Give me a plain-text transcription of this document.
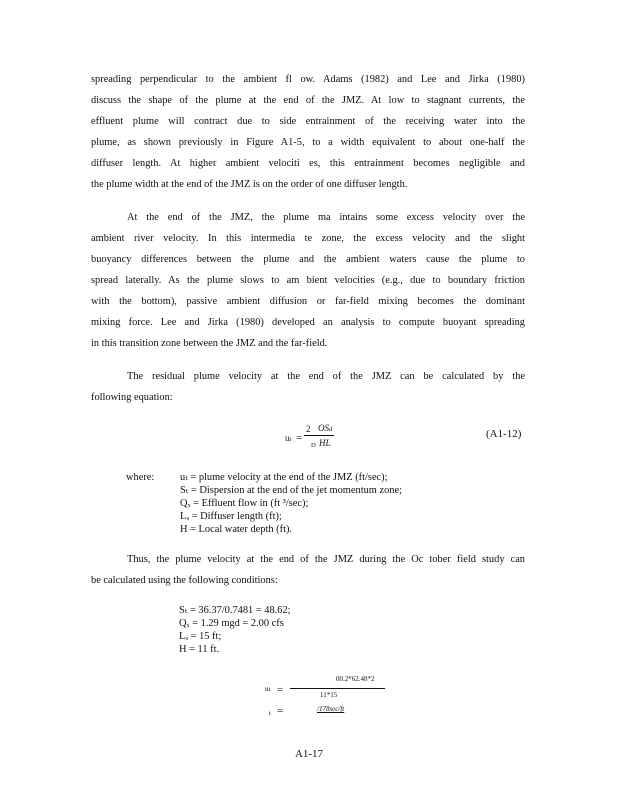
spreading perpendicular to the ambient fl ow. Adams (1982) and Lee and Jirka (1980)
discuss the shape of the plume at the end of the JMZ. At low to stagnant currents, the
effluent plume will contract due to side entrainment of the receiving water into the
plume, as shown previously in Figure A1-5, to a width equivalent to about one-half the
diffuser length. At higher ambient velociti es, this entrainment becomes negligible and
the plume width at the end of the JMZ is on the order of one diffuser length.

At the end of the JMZ, the plume ma intains some excess velocity over the
ambient river velocity. In this intermedia te zone, the excess velocity and the slight
buoyancy differences between the plume and the ambient waters cause the plume to
spread laterally. As the plume slows to am bient velocities (e.g., due to boundary friction
with the bottom), passive ambient diffusion or far-field mixing becomes the dominant
mixing force. Lee and Jirka (1980) developed an analysis to compute buoyant spreading
in this transition zone between the JMZ and the far-field.

The residual plume velocity at the end of the JMZ can be calculated by the
following equation:

ut =
2 OSd
D HL
(A1-12)
where: uₜ = plume velocity at the end of the JMZ (ft/sec);
Sₜ = Dispersion at the end of the jet momentum zone;
Qₓ = Effluent flow in (ft ³/sec);
Lₔ = Diffuser length (ft);
H = Local water depth (ft).

Thus, the plume velocity at the end of the JMZ during the Oc tober field study can
be calculated using the following conditions:

Sₜ = 36.37/0.7481 = 48.62;
Qₓ = 1.29 mgd = 2.00 cfs
Lₔ = 15 ft;
H = 11 ft.
00.2*62.48*2
ut =	11*15
t =	/178sec/ft
A1-17
